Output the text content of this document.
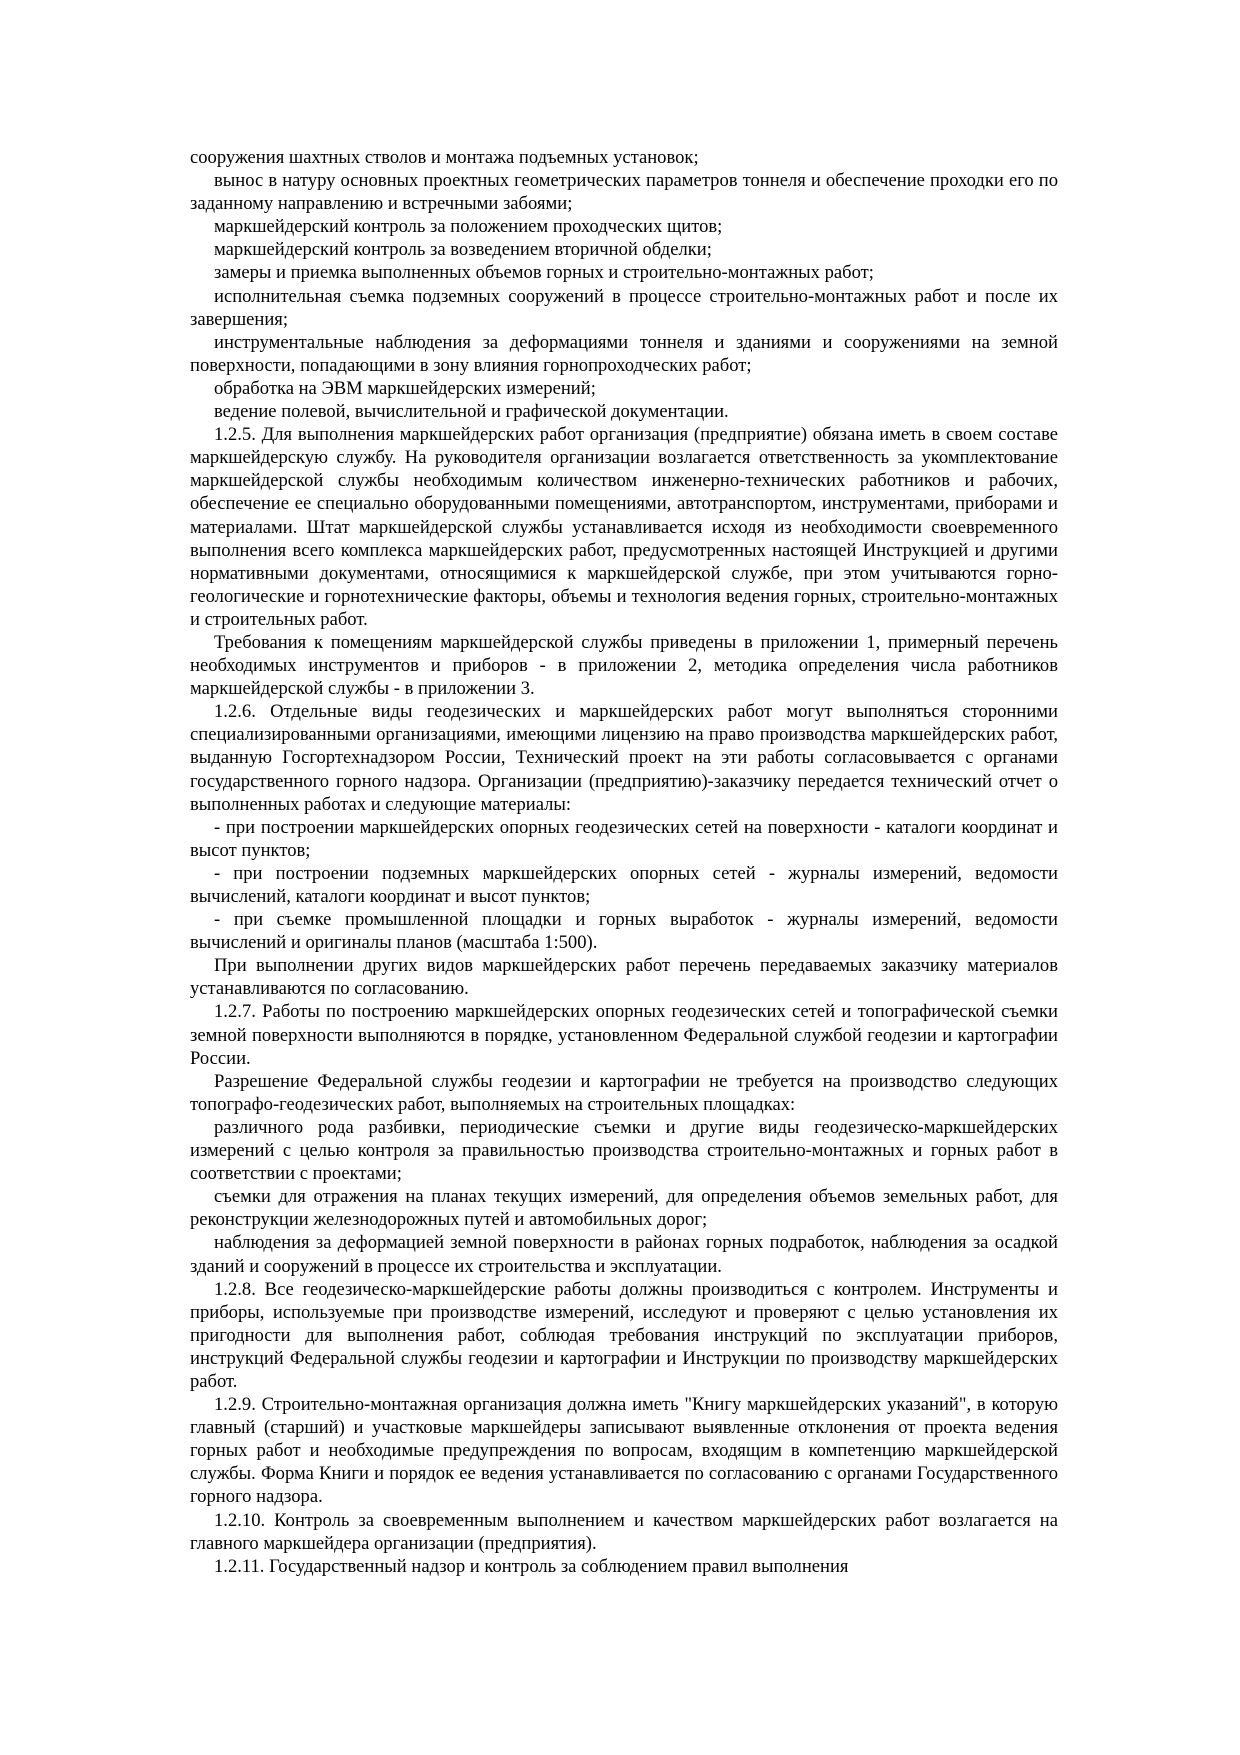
сооружения шахтных стволов и монтажа подъемных установок;

вынос в натуру основных проектных геометрических параметров тоннеля и обеспечение проходки его по заданному направлению и встречными забоями;

маркшейдерский контроль за положением проходческих щитов;

маркшейдерский контроль за возведением вторичной обделки;

замеры и приемка выполненных объемов горных и строительно-монтажных работ;

исполнительная съемка подземных сооружений в процессе строительно-монтажных работ и после их завершения;

инструментальные наблюдения за деформациями тоннеля и зданиями и сооружениями на земной поверхности, попадающими в зону влияния горнопроходческих работ;

обработка на ЭВМ маркшейдерских измерений;

ведение полевой, вычислительной и графической документации.

1.2.5. Для выполнения маркшейдерских работ организация (предприятие) обязана иметь в своем составе маркшейдерскую службу. На руководителя организации возлагается ответственность за укомплектование маркшейдерской службы необходимым количеством инженерно-технических работников и рабочих, обеспечение ее специально оборудованными помещениями, автотранспортом, инструментами, приборами и материалами. Штат маркшейдерской службы устанавливается исходя из необходимости своевременного выполнения всего комплекса маркшейдерских работ, предусмотренных настоящей Инструкцией и другими нормативными документами, относящимися к маркшейдерской службе, при этом учитываются горно-геологические и горнотехнические факторы, объемы и технология ведения горных, строительно-монтажных и строительных работ.

Требования к помещениям маркшейдерской службы приведены в приложении 1, примерный перечень необходимых инструментов и приборов - в приложении 2, методика определения числа работников маркшейдерской службы - в приложении 3.

1.2.6. Отдельные виды геодезических и маркшейдерских работ могут выполняться сторонними специализированными организациями, имеющими лицензию на право производства маркшейдерских работ, выданную Госгортехнадзором России, Технический проект на эти работы согласовывается с органами государственного горного надзора. Организации (предприятию)-заказчику передается технический отчет о выполненных работах и следующие материалы:

- при построении маркшейдерских опорных геодезических сетей на поверхности - каталоги координат и высот пунктов;

- при построении подземных маркшейдерских опорных сетей - журналы измерений, ведомости вычислений, каталоги координат и высот пунктов;

- при съемке промышленной площадки и горных выработок - журналы измерений, ведомости вычислений и оригиналы планов (масштаба 1:500).

При выполнении других видов маркшейдерских работ перечень передаваемых заказчику материалов устанавливаются по согласованию.

1.2.7. Работы по построению маркшейдерских опорных геодезических сетей и топографической съемки земной поверхности выполняются в порядке, установленном Федеральной службой геодезии и картографии России.

Разрешение Федеральной службы геодезии и картографии не требуется на производство следующих топографо-геодезических работ, выполняемых на строительных площадках:

различного рода разбивки, периодические съемки и другие виды геодезическо-маркшейдерских измерений с целью контроля за правильностью производства строительно-монтажных и горных работ в соответствии с проектами;

съемки для отражения на планах текущих измерений, для определения объемов земельных работ, для реконструкции железнодорожных путей и автомобильных дорог;

наблюдения за деформацией земной поверхности в районах горных подработок, наблюдения за осадкой зданий и сооружений в процессе их строительства и эксплуатации.

1.2.8. Все геодезическо-маркшейдерские работы должны производиться с контролем. Инструменты и приборы, используемые при производстве измерений, исследуют и проверяют с целью установления их пригодности для выполнения работ, соблюдая требования инструкций по эксплуатации приборов, инструкций Федеральной службы геодезии и картографии и Инструкции по производству маркшейдерских работ.

1.2.9. Строительно-монтажная организация должна иметь "Книгу маркшейдерских указаний", в которую главный (старший) и участковые маркшейдеры записывают выявленные отклонения от проекта ведения горных работ и необходимые предупреждения по вопросам, входящим в компетенцию маркшейдерской службы. Форма Книги и порядок ее ведения устанавливается по согласованию с органами Государственного горного надзора.

1.2.10. Контроль за своевременным выполнением и качеством маркшейдерских работ возлагается на главного маркшейдера организации (предприятия).

1.2.11. Государственный надзор и контроль за соблюдением правил выполнения
